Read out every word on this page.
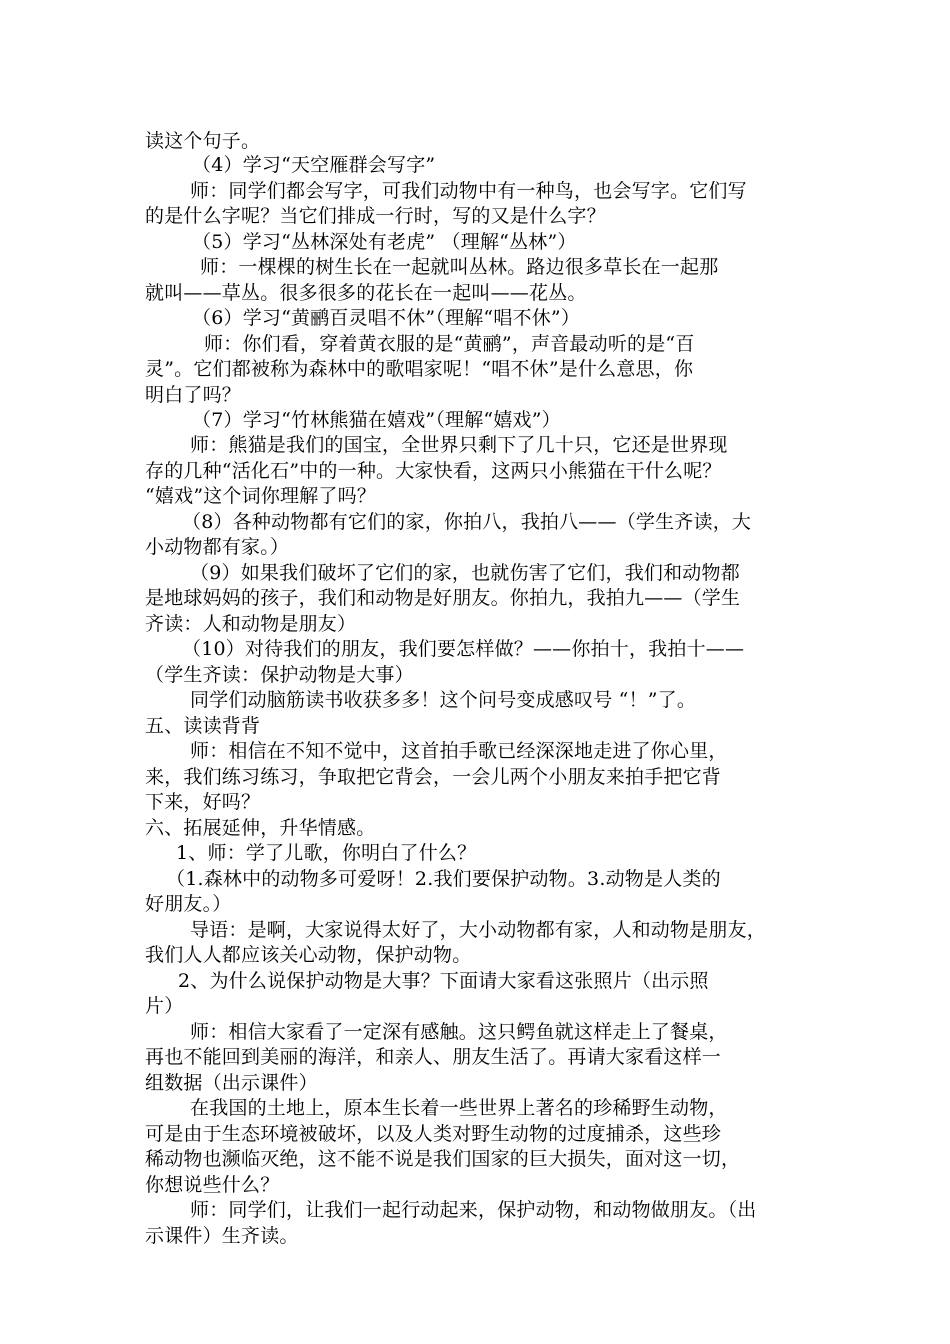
读这个句子。
（4）学习“天空雁群会写字”
师：同学们都会写字，可我们动物中有一种鸟，也会写字。它们写
的是什么字呢？当它们排成一行时，写的又是什么字？
（5）学习“丛林深处有老虎” （理解“丛林”）
师：一棵棵的树生长在一起就叫丛林。路边很多草长在一起那
就叫——草丛。很多很多的花长在一起叫——花丛。
（6）学习“黄鹂百灵唱不休”（理解“唱不休”）
师：你们看，穿着黄衣服的是“黄鹂”，声音最动听的是“百
灵”。它们都被称为森林中的歌唱家呢！“唱不休”是什么意思，你
明白了吗？
（7）学习“竹林熊猫在嬉戏”（理解“嬉戏”）
师：熊猫是我们的国宝，全世界只剩下了几十只，它还是世界现
存的几种“活化石”中的一种。大家快看，这两只小熊猫在干什么呢？
“嬉戏”这个词你理解了吗？
（8）各种动物都有它们的家，你拍八，我拍八——（学生齐读，大
小动物都有家。）
（9）如果我们破坏了它们的家，也就伤害了它们，我们和动物都
是地球妈妈的孩子，我们和动物是好朋友。你拍九，我拍九——（学生
齐读：人和动物是朋友）
（10）对待我们的朋友，我们要怎样做？——你拍十，我拍十——
（学生齐读：保护动物是大事）
同学们动脑筋读书收获多多！这个问号变成感叹号 “！”了。
五、读读背背
师：相信在不知不觉中，这首拍手歌已经深深地走进了你心里，
来，我们练习练习，争取把它背会，一会儿两个小朋友来拍手把它背
下来，好吗？
六、拓展延伸，升华情感。
1、师：学了儿歌，你明白了什么？
（1.森林中的动物多可爱呀！2.我们要保护动物。3.动物是人类的
好朋友。）
导语：是啊，大家说得太好了，大小动物都有家，人和动物是朋友，
我们人人都应该关心动物，保护动物。
2、为什么说保护动物是大事？下面请大家看这张照片（出示照
片）
师：相信大家看了一定深有感触。这只鳄鱼就这样走上了餐桌，
再也不能回到美丽的海洋，和亲人、朋友生活了。再请大家看这样一
组数据（出示课件）
在我国的土地上，原本生长着一些世界上著名的珍稀野生动物，
可是由于生态环境被破坏，以及人类对野生动物的过度捕杀，这些珍
稀动物也濒临灭绝，这不能不说是我们国家的巨大损失，面对这一切，
你想说些什么？
师：同学们，让我们一起行动起来，保护动物，和动物做朋友。（出
示课件）生齐读。
